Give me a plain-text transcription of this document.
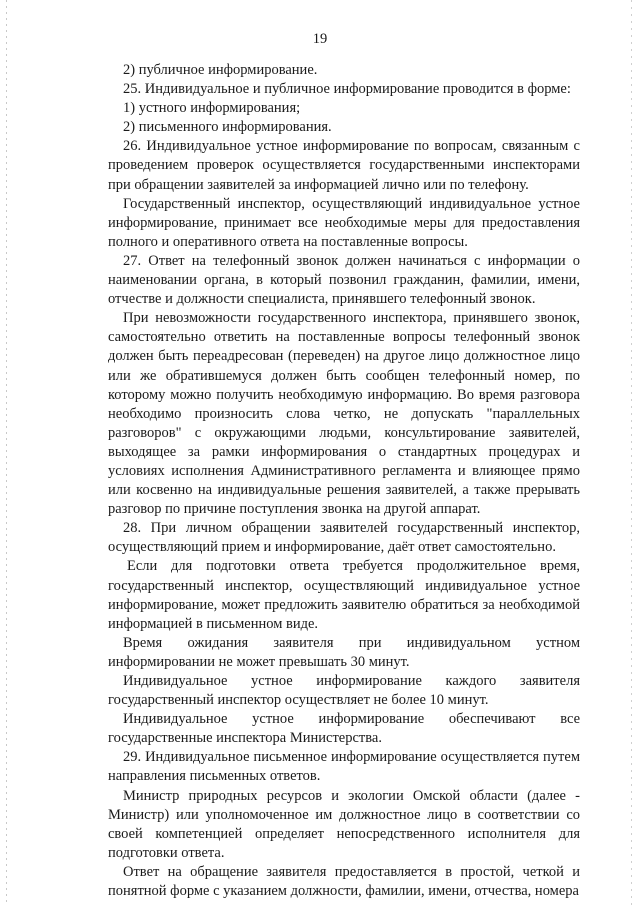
19

2) публичное информирование.

25. Индивидуальное и публичное информирование проводится в форме:

1) устного информирования;

2) письменного информирования.

26. Индивидуальное устное информирование по вопросам, связанным с проведением проверок осуществляется государственными инспекторами при обращении заявителей за информацией лично или по телефону.

Государственный инспектор, осуществляющий индивидуальное устное информирование, принимает все необходимые меры для предоставления полного и оперативного ответа на поставленные вопросы.

27. Ответ на телефонный звонок должен начинаться с информации о наименовании органа, в который позвонил гражданин, фамилии, имени, отчестве и должности специалиста, принявшего телефонный звонок.

При невозможности государственного инспектора, принявшего звонок, самостоятельно ответить на поставленные вопросы телефонный звонок должен быть переадресован (переведен) на другое лицо должностное лицо или же обратившемуся должен быть сообщен телефонный номер, по которому можно получить необходимую информацию. Во время разговора необходимо произносить слова четко, не допускать "параллельных разговоров" с окружающими людьми, консультирование заявителей, выходящее за рамки информирования о стандартных процедурах и условиях исполнения Административного регламента и влияющее прямо или косвенно на индивидуальные решения заявителей, а также прерывать разговор по причине поступления звонка на другой аппарат.

28. При личном обращении заявителей государственный инспектор, осуществляющий прием и информирование, даёт ответ самостоятельно.

Если для подготовки ответа требуется продолжительное время, государственный инспектор, осуществляющий индивидуальное устное информирование, может предложить заявителю обратиться за необходимой информацией в письменном виде.

Время ожидания заявителя при индивидуальном устном информировании не может превышать 30 минут.

Индивидуальное устное информирование каждого заявителя государственный инспектор осуществляет не более 10 минут.

Индивидуальное устное информирование обеспечивают все государственные инспектора Министерства.

29. Индивидуальное письменное информирование осуществляется путем направления письменных ответов.

Министр природных ресурсов и экологии Омской области (далее - Министр) или уполномоченное им должностное лицо в соответствии со своей компетенцией определяет непосредственного исполнителя для подготовки ответа.

Ответ на обращение заявителя предоставляется в простой, четкой и понятной форме с указанием должности, фамилии, имени, отчества, номера
